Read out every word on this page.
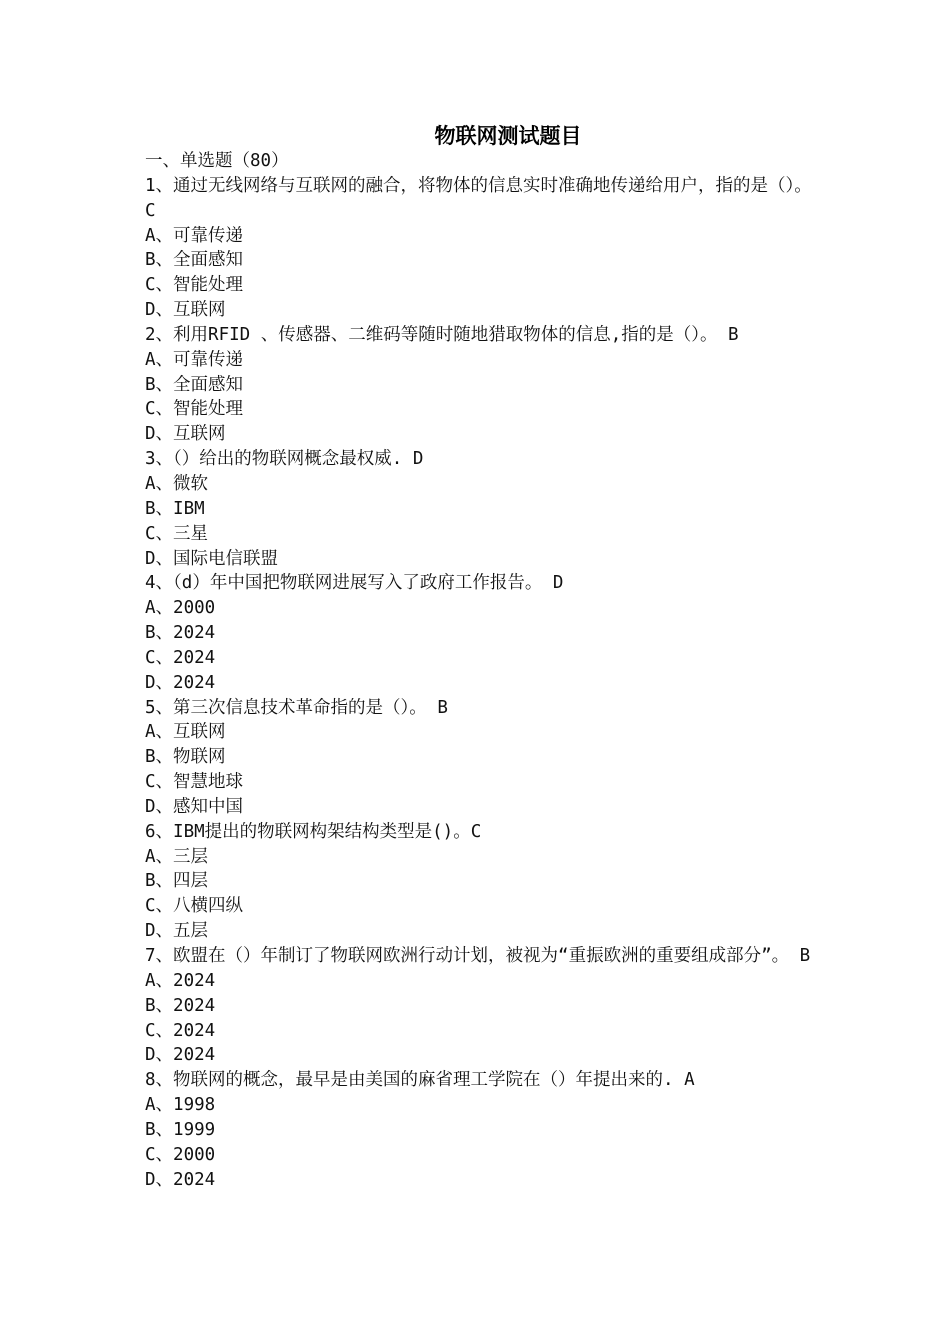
物联网测试题目

一、单选题（80）

1、通过无线网络与互联网的融合，将物体的信息实时准确地传递给用户，指的是（）。 C

A、可靠传递

B、全面感知

C、智能处理

D、互联网

2、利用RFID 、传感器、二维码等随时随地猎取物体的信息,指的是（）。 B

A、可靠传递

B、全面感知

C、智能处理

D、互联网

3、（）给出的物联网概念最权威. D

A、微软

B、IBM

C、三星

D、国际电信联盟

4、（d）年中国把物联网进展写入了政府工作报告。 D

A、2000

B、2024

C、2024

D、2024

5、第三次信息技术革命指的是（）。 B

A、互联网

B、物联网

C、智慧地球

D、感知中国

6、IBM提出的物联网构架结构类型是()。C

A、三层

B、四层

C、八横四纵

D、五层

7、欧盟在（）年制订了物联网欧洲行动计划，被视为“重振欧洲的重要组成部分”。 B

A、2024

B、2024

C、2024

D、2024

8、物联网的概念，最早是由美国的麻省理工学院在（）年提出来的. A

A、1998

B、1999

C、2000

D、2024
